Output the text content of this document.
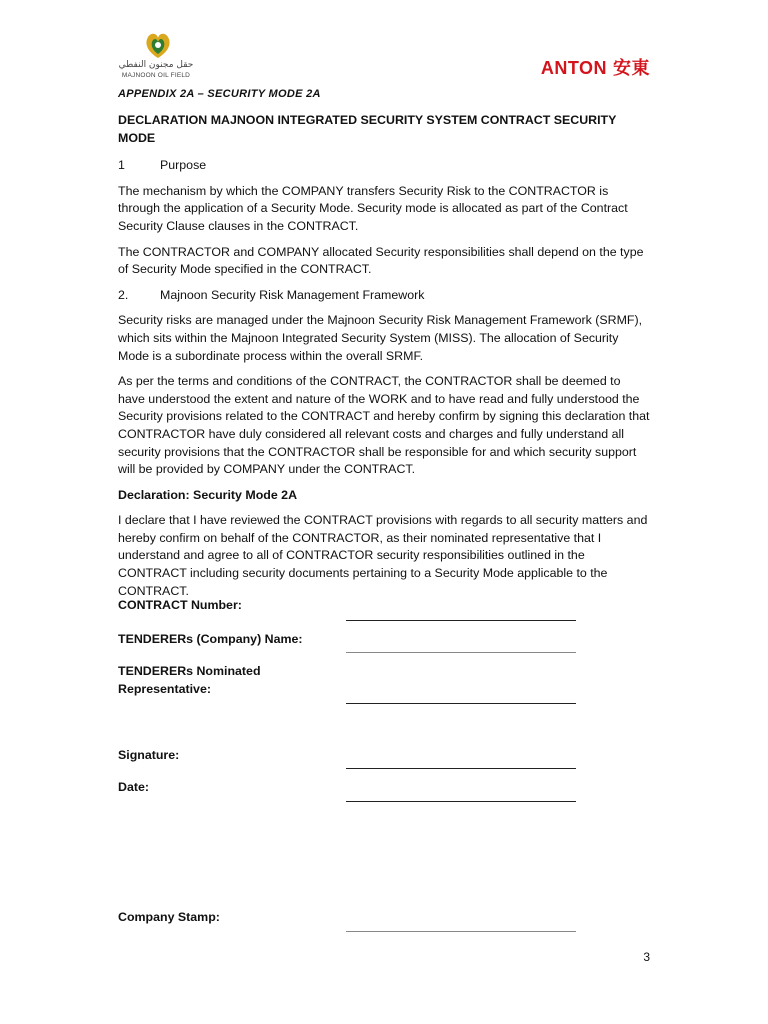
حقل مجنون النفطي
MAJNOON OIL FIELD	ANTON 安東
APPENDIX 2A – SECURITY MODE 2A

DECLARATION MAJNOON INTEGRATED SECURITY SYSTEM CONTRACT SECURITY MODE

1	Purpose

The mechanism by which the COMPANY transfers Security Risk to the CONTRACTOR is through the application of a Security Mode. Security mode is allocated as part of the Contract Security Clause clauses in the CONTRACT.

The CONTRACTOR and COMPANY allocated Security responsibilities shall depend on the type of Security Mode specified in the CONTRACT.

2.	Majnoon Security Risk Management Framework

Security risks are managed under the Majnoon Security Risk Management Framework (SRMF), which sits within the Majnoon Integrated Security System (MISS). The allocation of Security Mode is a subordinate process within the overall SRMF.

As per the terms and conditions of the CONTRACT, the CONTRACTOR shall be deemed to have understood the extent and nature of the WORK and to have read and fully understood the Security provisions related to the CONTRACT and hereby confirm by signing this declaration that CONTRACTOR have duly considered all relevant costs and charges and fully understand all security provisions that the CONTRACTOR shall be responsible for and which security support will be provided by COMPANY under the CONTRACT.

Declaration: Security Mode 2A

I declare that I have reviewed the CONTRACT provisions with regards to all security matters and hereby confirm on behalf of the CONTRACTOR, as their nominated representative that I understand and agree to all of CONTRACTOR security responsibilities outlined in the CONTRACT including security documents pertaining to a Security Mode applicable to the CONTRACT.

CONTRACT Number:
TENDERERs (Company) Name:
TENDERERs Nominated
Representative:
Signature:
Date:
Company Stamp:
3
